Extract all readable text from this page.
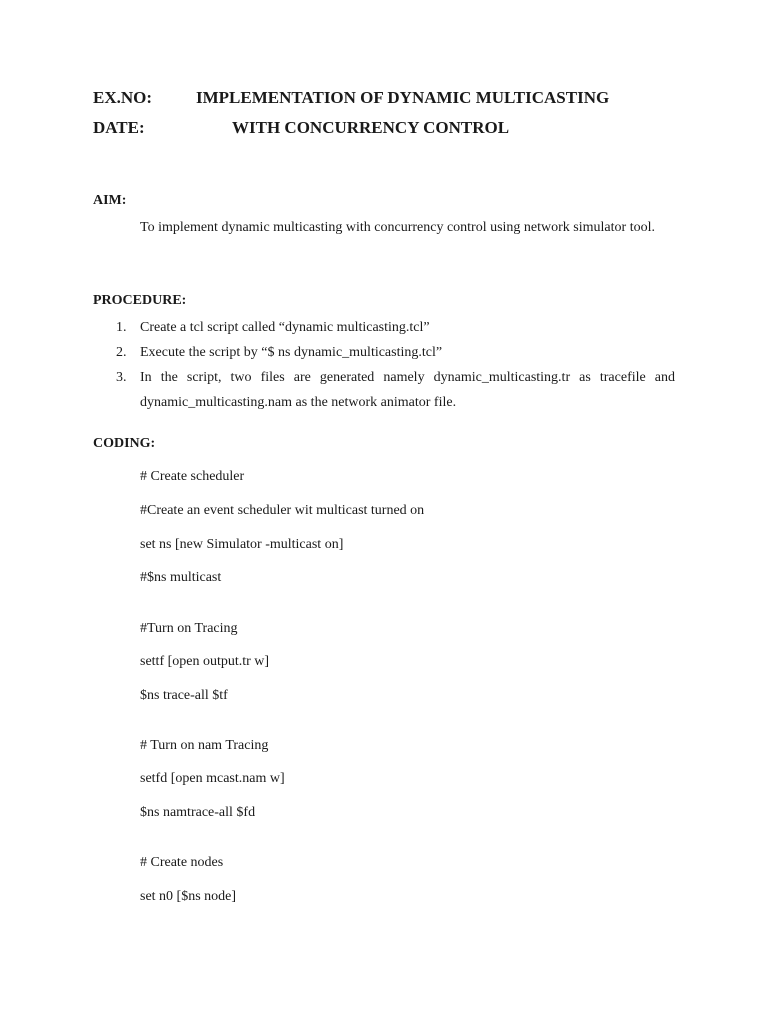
EX.NO:	IMPLEMENTATION OF DYNAMIC MULTICASTING
DATE:	WITH CONCURRENCY CONTROL
AIM:
To implement dynamic multicasting with concurrency control using network simulator tool.
PROCEDURE:
1. Create a tcl script called “dynamic multicasting.tcl”
2. Execute the script by “$ ns dynamic_multicasting.tcl”
3. In the script, two files are generated namely dynamic_multicasting.tr as tracefile and dynamic_multicasting.nam as the network animator file.
CODING:
# Create scheduler
#Create an event scheduler wit multicast turned on
set ns [new Simulator -multicast on]
#$ns multicast
#Turn on Tracing
settf [open output.tr w]
$ns trace-all $tf
# Turn on nam Tracing
setfd [open mcast.nam w]
$ns namtrace-all $fd
# Create nodes
set n0 [$ns node]
